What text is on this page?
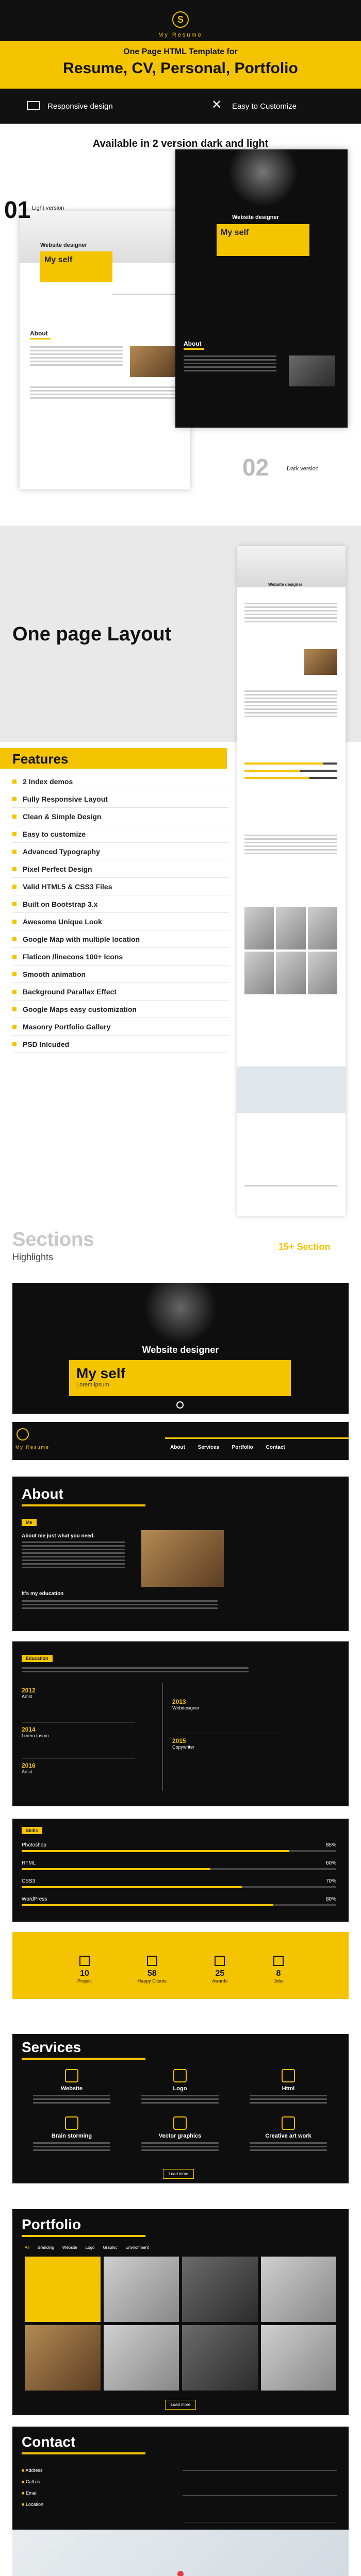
S
My Resume
One Page HTML Template for
Resume, CV, Personal, Portfolio
Responsive design	✕ Easy to Customize
Available in 2 version dark and light
Website designer
My self
About
01 Light version
Website designer
My self
About
02	Dark version
One page Layout
Website designer
Features
2 Index demos
Fully Responsive Layout
Clean & Simple Design
Easy to customize
Advanced Typography
Pixel Perfect Design
Valid HTML5 & CSS3 Files
Built on Bootstrap 3.x
Awesome Unique Look
Google Map with multiple location
Flaticon /linecons 100+ Icons
Smooth animation
Background Parallax Effect
Google Maps easy customization
Masonry Portfolio Gallery
PSD Inlcuded
Sections
Highlights
15+ Section
Website designer
My self
Lorem ipsum
My Resume	About Services Portfolio Contact
About
Me
About me just what you need.
It's my education
Education
2012
Artist
2014
Lorem Ipsum
2016
Artist
2013
Webdesigner
2015
Copywriter
Skills
Photoshop	85%
HTML	60%
CSS3	70%
WordPress	80%
10
Project
58
Happy Clients
25
Awards
8
Jobs
Services
Website	Logo	Html
Brain storming	Vector graphics	Creative art work
Load more
Portfolio
All Branding Website Logo Graphic Environment
Load more
Contact
■ Address
■ Call us
■ Email
■ Location
